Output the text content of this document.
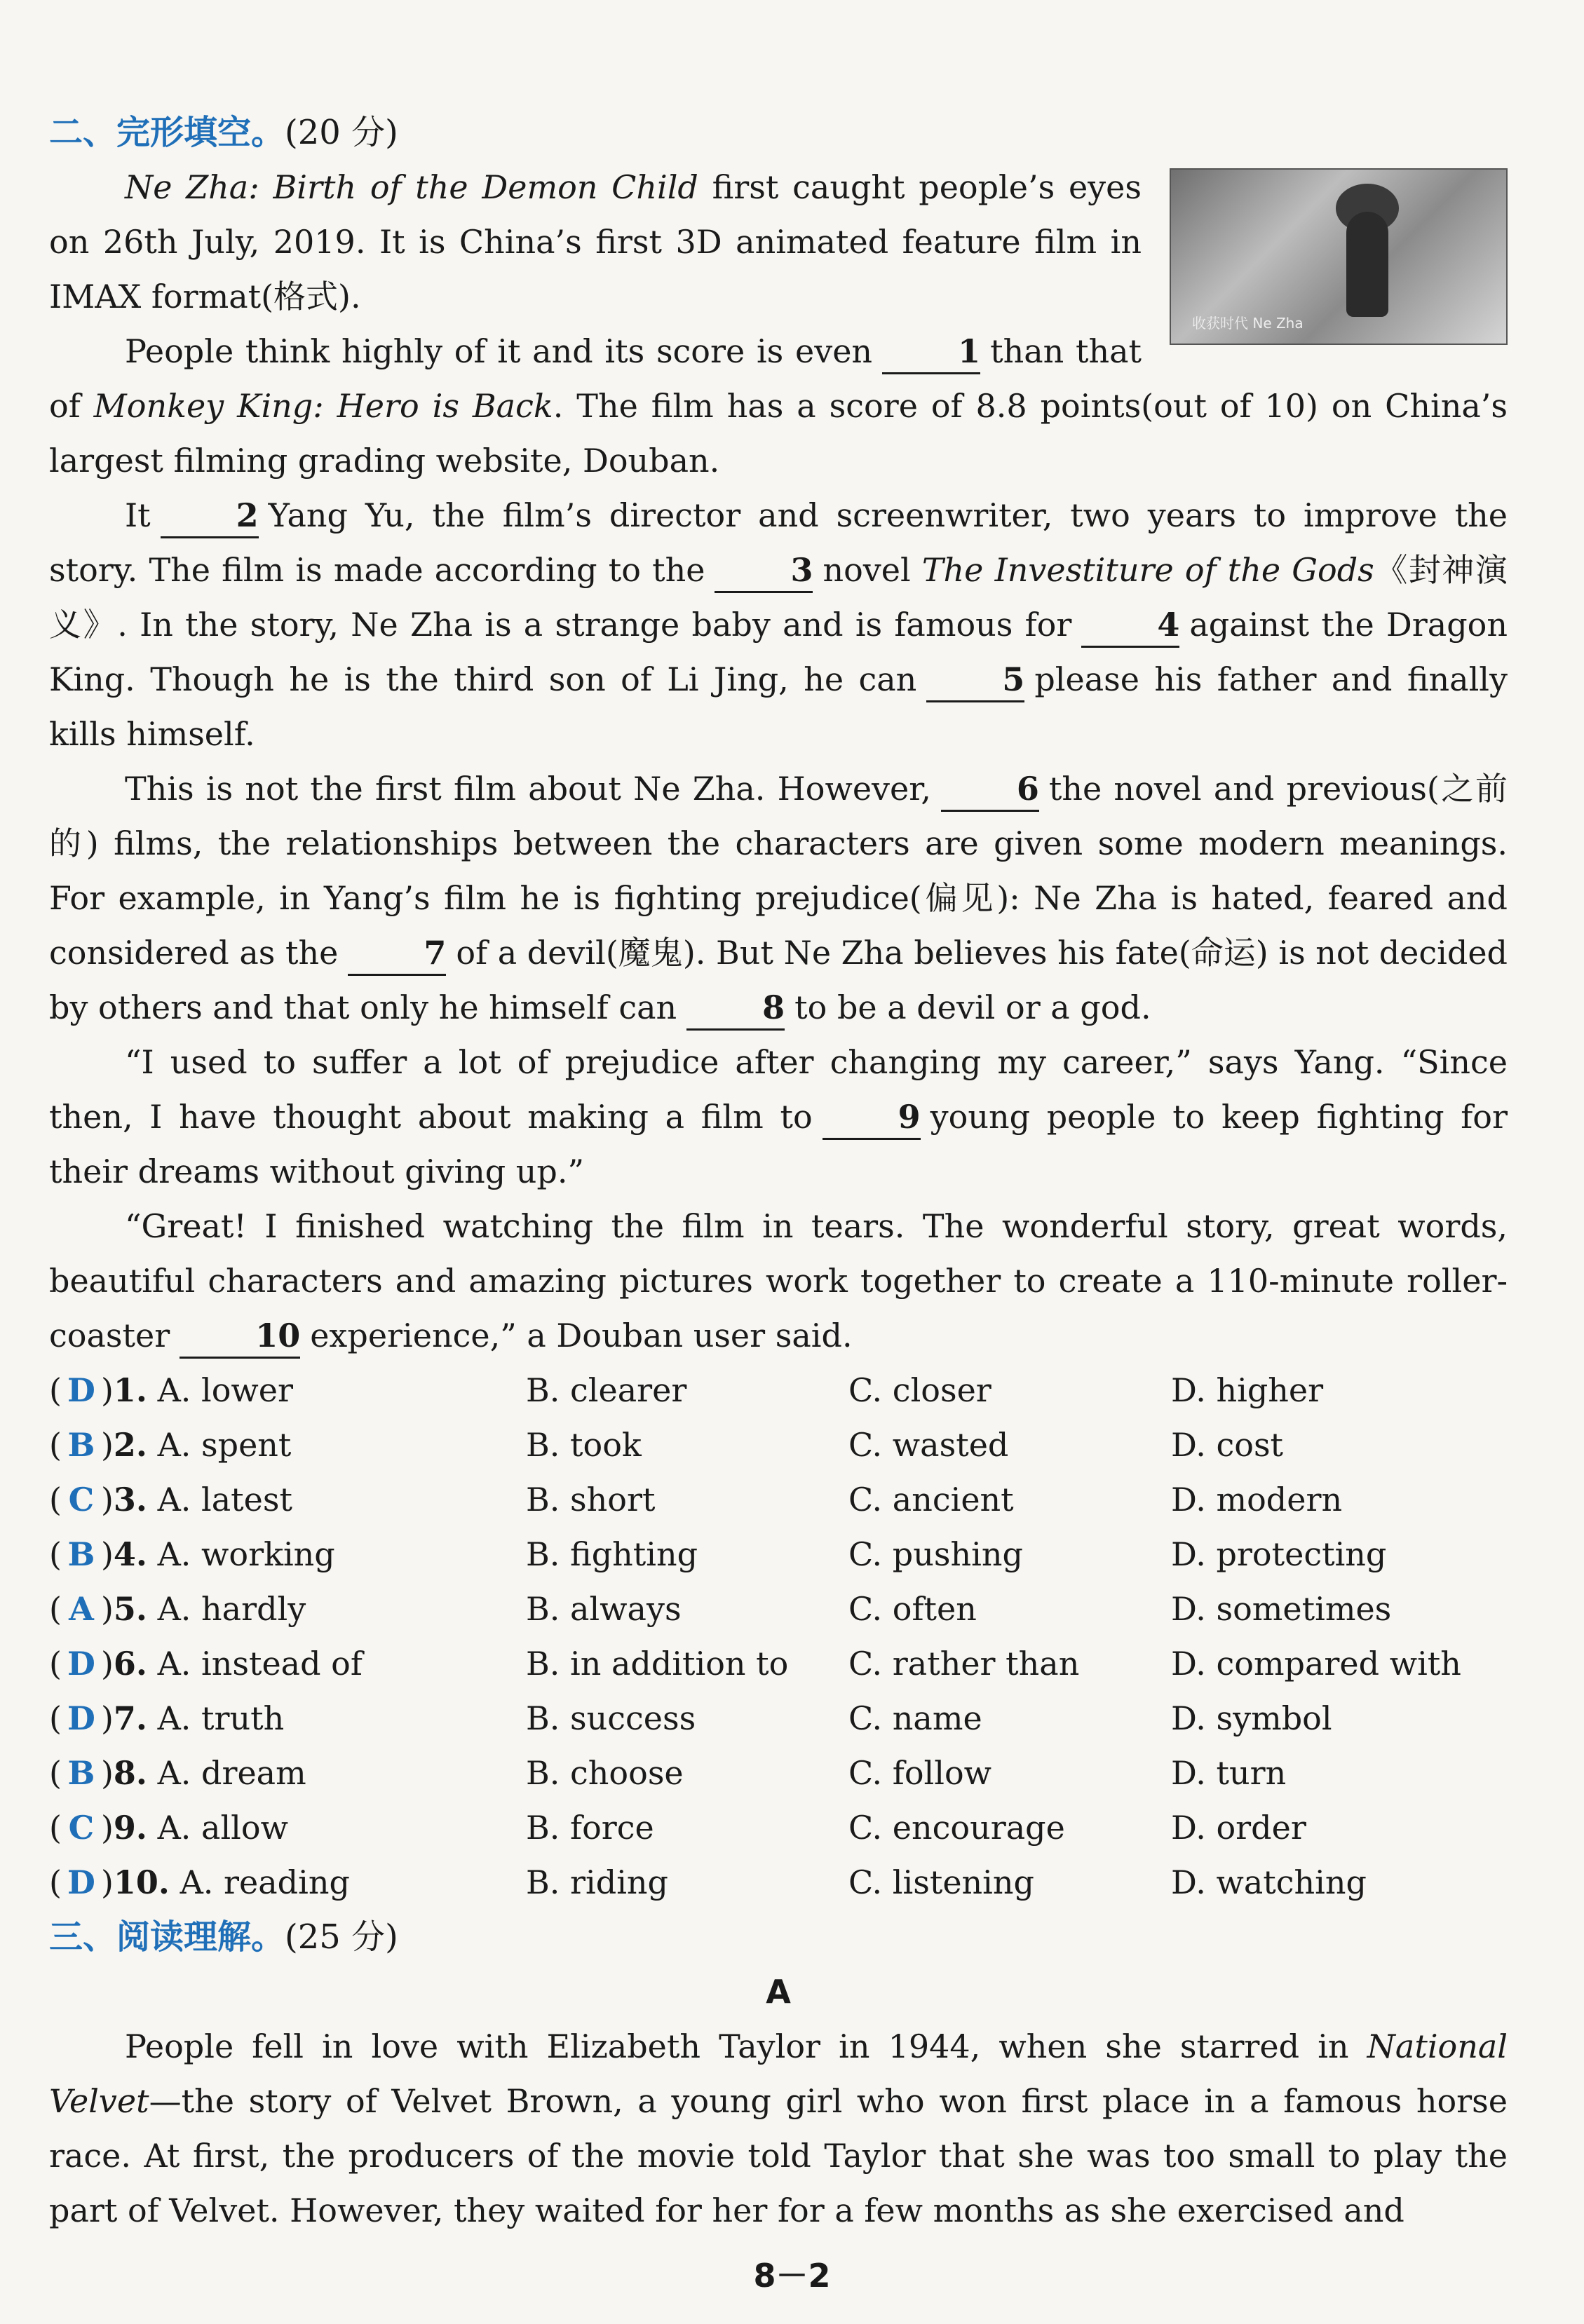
二、完形填空。(20 分)
收获时代 Ne Zha

Ne Zha: Birth of the Demon Child first caught people’s eyes on 26th July, 2019. It is China’s first 3D animated feature film in IMAX format(格式).

People think highly of it and its score is even	1 than that of Monkey King: Hero is Back. The film has a score of 8.8 points(out of 10) on China’s largest filming grading website, Douban.

It	2 Yang Yu, the film’s director and screenwriter, two years to improve the story. The film is made according to the	3 novel The Investiture of the Gods《封神演义》. In the story, Ne Zha is a strange baby and is famous for	4 against the Dragon King. Though he is the third son of Li Jing, he can	5 please his father and finally kills himself.

This is not the first film about Ne Zha. However,	6 the novel and previous(之前的) films, the relationships between the characters are given some modern meanings. For example, in Yang’s film he is fighting prejudice(偏见): Ne Zha is hated, feared and considered as the	7 of a devil(魔鬼). But Ne Zha believes his fate(命运) is not decided by others and that only he himself can	8 to be a devil or a god.

“I used to suffer a lot of prejudice after changing my career,” says Yang. “Since then, I have thought about making a film to	9 young people to keep fighting for their dreams without giving up.”

“Great! I finished watching the film in tears. The wonderful story, great words, beautiful characters and amazing pictures work together to create a 110-minute roller-coaster	10 experience,” a Douban user said.

( D )1. A. lower	B. clearer	C. closer	D. higher
( B )2. A. spent	B. took	C. wasted	D. cost
( C )3. A. latest	B. short	C. ancient	D. modern
( B )4. A. working	B. fighting	C. pushing	D. protecting
( A )5. A. hardly	B. always	C. often	D. sometimes
( D )6. A. instead of	B. in addition to	C. rather than	D. compared with
( D )7. A. truth	B. success	C. name	D. symbol
( B )8. A. dream	B. choose	C. follow	D. turn
( C )9. A. allow	B. force	C. encourage	D. order
( D )10. A. reading	B. riding	C. listening	D. watching
三、阅读理解。(25 分)
A

People fell in love with Elizabeth Taylor in 1944, when she starred in National Velvet—the story of Velvet Brown, a young girl who won first place in a famous horse race. At first, the producers of the movie told Taylor that she was too small to play the part of Velvet. However, they waited for her for a few months as she exercised and

8－2
